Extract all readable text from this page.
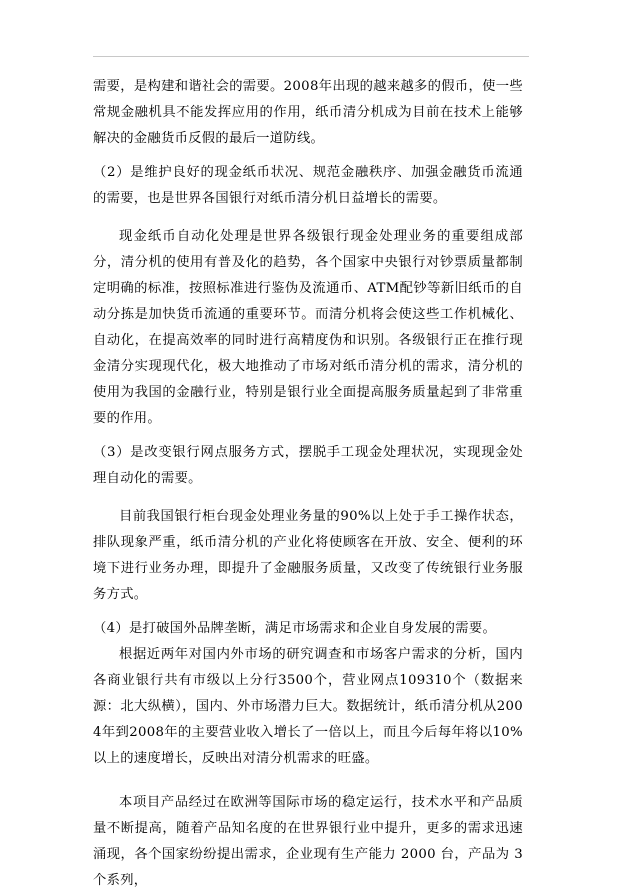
需要，是构建和谐社会的需要。2008年出现的越来越多的假币，使一些常规金融机具不能发挥应用的作用，纸币清分机成为目前在技术上能够解决的金融货币反假的最后一道防线。

（2）是维护良好的现金纸币状况、规范金融秩序、加强金融货币流通的需要，也是世界各国银行对纸币清分机日益增长的需要。

现金纸币自动化处理是世界各级银行现金处理业务的重要组成部分，清分机的使用有普及化的趋势，各个国家中央银行对钞票质量都制定明确的标准，按照标准进行鉴伪及流通币、ATM配钞等新旧纸币的自动分拣是加快货币流通的重要环节。而清分机将会使这些工作机械化、自动化，在提高效率的同时进行高精度伪和识别。各级银行正在推行现金清分实现现代化，极大地推动了市场对纸币清分机的需求，清分机的使用为我国的金融行业，特别是银行业全面提高服务质量起到了非常重要的作用。

（3）是改变银行网点服务方式，摆脱手工现金处理状况，实现现金处理自动化的需要。

目前我国银行柜台现金处理业务量的90%以上处于手工操作状态，排队现象严重，纸币清分机的产业化将使顾客在开放、安全、便利的环境下进行业务办理，即提升了金融服务质量，又改变了传统银行业务服务方式。

（4）是打破国外品牌垄断，满足市场需求和企业自身发展的需要。

根据近两年对国内外市场的研究调查和市场客户需求的分析，国内各商业银行共有市级以上分行3500个，营业网点109310个（数据来源：北大纵横），国内、外市场潜力巨大。数据统计，纸币清分机从2004年到2008年的主要营业收入增长了一倍以上，而且今后每年将以10%以上的速度增长，反映出对清分机需求的旺盛。

本项目产品经过在欧洲等国际市场的稳定运行，技术水平和产品质量不断提高，随着产品知名度的在世界银行业中提升，更多的需求迅速涌现，各个国家纷纷提出需求，企业现有生产能力 2000 台，产品为 3个系列，
